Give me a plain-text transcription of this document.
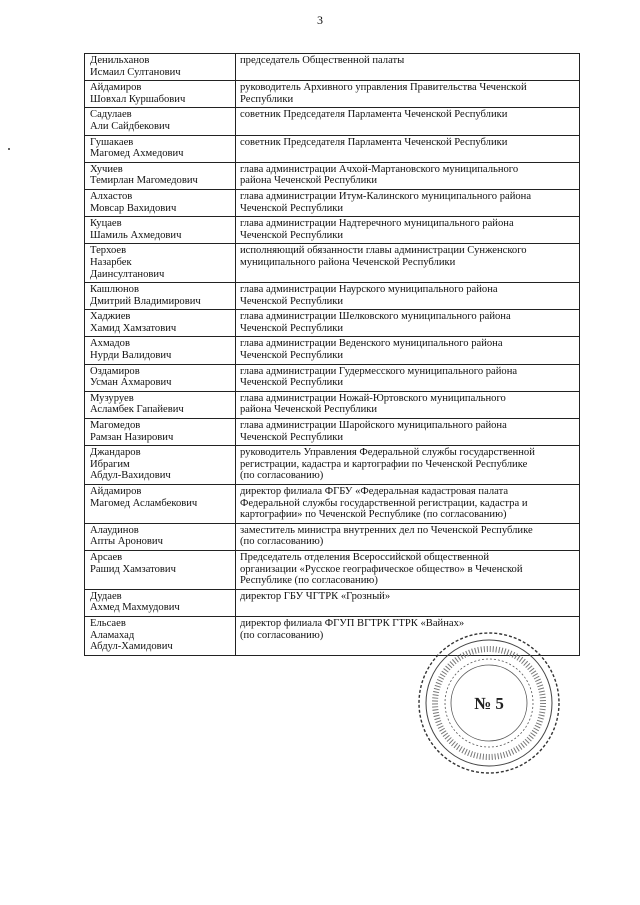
3
Денильханов
Исмаил Султанович	председатель Общественной палаты

Айдамиров
Шовхал Куршабович	руководитель Архивного управления Правительства Чеченской
Республики

Садулаев
Али Сайдбекович	советник Председателя Парламента Чеченской Республики

Гушакаев
Магомед Ахмедович	советник Председателя Парламента Чеченской Республики

Хучиев
Темирлан Магомедович	глава администрации Ачхой-Мартановского муниципального
района Чеченской Республики

Алхастов
Мовсар Вахидович	глава администрации Итум-Калинского муниципального района
Чеченской Республики

Куцаев
Шамиль Ахмедович	глава администрации Надтеречного муниципального района
Чеченской Республики

Терхоев
Назарбек
Даинсултанович	исполняющий обязанности главы администрации Сунженского
муниципального района Чеченской Республики

Кашлюнов
Дмитрий Владимирович	глава администрации Наурского муниципального района
Чеченской Республики

Хаджиев
Хамид Хамзатович	глава администрации Шелковского муниципального района
Чеченской Республики

Ахмадов
Нурди Валидович	глава администрации Веденского муниципального района
Чеченской Республики

Оздамиров
Усман Ахмарович	глава администрации Гудермесского муниципального района
Чеченской Республики

Музуруев
Асламбек Гапайевич	глава администрации Ножай-Юртовского муниципального
района Чеченской Республики

Магомедов
Рамзан Назирович	глава администрации Шаройского муниципального района
Чеченской Республики

Джандаров
Ибрагим
Абдул-Вахидович	руководитель Управления Федеральной службы государственной
регистрации, кадастра и картографии по Чеченской Республике
(по согласованию)

Айдамиров
Магомед Асламбекович	директор филиала ФГБУ «Федеральная кадастровая палата
Федеральной службы государственной регистрации, кадастра и
картографии» по Чеченской Республике (по согласованию)

Алаудинов
Апты Аронович	заместитель министра внутренних дел по Чеченской Республике
(по согласованию)

Арсаев
Рашид Хамзатович	Председатель отделения Всероссийской общественной
организации «Русское географическое общество» в Чеченской
Республике (по согласованию)

Дудаев
Ахмед Махмудович	директор ГБУ ЧГТРК «Грозный»

Ельсаев
Аламахад
Абдул-Хамидович	директор филиала ФГУП ВГТРК ГТРК «Вайнах»
(по согласованию)
№ 5
